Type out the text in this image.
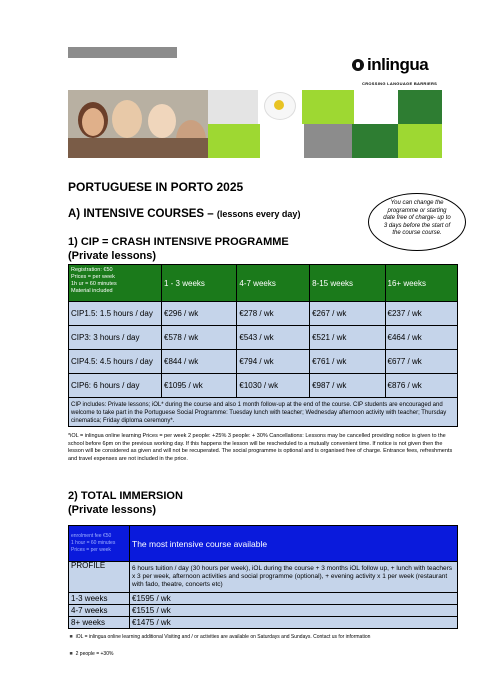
inlingua
CROSSING LANGUAGE BARRIERS
PORTUGUESE IN PORTO 2025
A) INTENSIVE COURSES – (lessons every day)
1) CIP = CRASH INTENSIVE PROGRAMME
(Private lessons)
You can change the programme or starting date free of charge- up to 3 days before the start of the course course.
Registration: €50
Prices = per week
1h ur = 60 minutes
Material included	1 - 3 weeks	4-7 weeks	8-15 weeks	16+ weeks
CIP1.5: 1.5 hours / day	€296 / wk	€278 / wk	€267 / wk	€237 / wk
CIP3: 3 hours / day	€578 / wk	€543 / wk	€521 / wk	€464 / wk
CIP4.5: 4.5 hours / day	€844 / wk	€794 / wk	€761 / wk	€677 / wk
CIP6: 6 hours / day	€1095 / wk	€1030 / wk	€987 / wk	€876 / wk
CIP includes: Private lessons; iOL* during the course and also 1 month follow-up at the end of the course. CIP students are encouraged and welcome to take part in the Portuguese Social Programme: Tuesday lunch with teacher; Wednesday afternoon activity with teacher; Thursday cinematica; Friday diploma ceremony*.				
*iOL = inlingua online learning Prices = per week 2 people: +25% 3 people: + 30% Cancellations: Lessons may be cancelled providing notice is given to the school before 6pm on the previous working day. If this happens the lesson will be rescheduled to a mutually convenient time. If notice is not given then the lesson will be considered as given and will not be recuperated. The social programme is optional and is organised free of charge. Entrance fees, refreshments and travel expenses are not included in the price.
2) TOTAL IMMERSION
(Private lessons)
enrolment fee €50
1 hour = 60 minutes
Prices = per week	The most intensive course available
PROFILE	6 hours tuition / day (30 hours per week), iOL during the course + 3 months iOL follow up, + lunch with teachers x 3 per week, afternoon activities and social programme (optional), + evening activity x 1 per week (restaurant with fado, theatre, concerts etc)
1-3 weeks	€1595 / wk
4-7 weeks	€1515 / wk
8+ weeks	€1475 / wk
◾ iOL = inlingua online learning additional Visiting and / or activities are available on Saturdays and Sundays. Contact us for information
◾ 2 people = +30%
